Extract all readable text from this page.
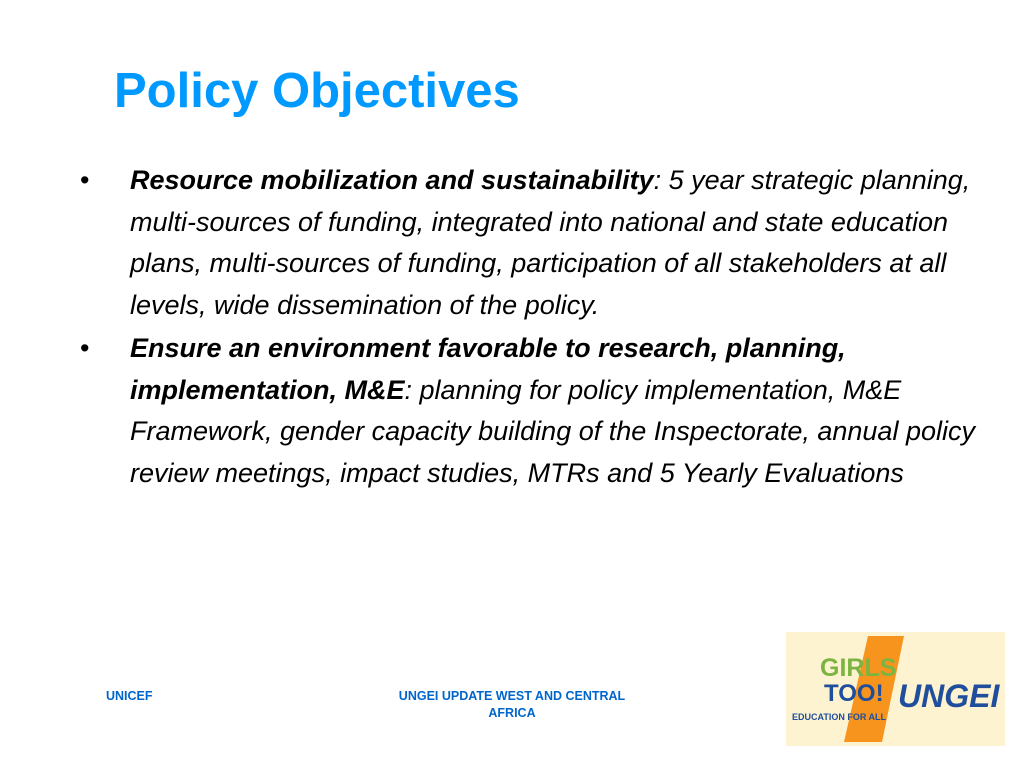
Policy Objectives
• Resource mobilization and sustainability: 5 year strategic planning, multi-sources of funding, integrated into national and state education plans, multi-sources of funding, participation of all stakeholders at all levels, wide dissemination of the policy.
• Ensure an environment favorable to research, planning, implementation, M&E: planning for policy implementation, M&E Framework, gender capacity building of the Inspectorate, annual policy review meetings, impact studies, MTRs and 5 Yearly Evaluations
UNICEF	UNGEI UPDATE WEST AND CENTRAL AFRICA
GIRLS
TOO!
EDUCATION FOR ALL
UNGEI
